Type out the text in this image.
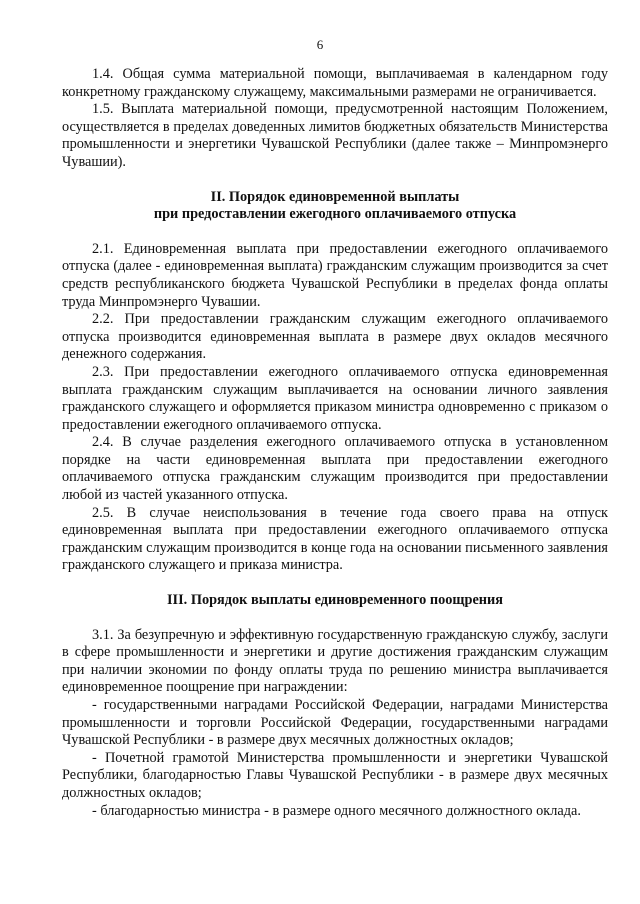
6

1.4. Общая сумма материальной помощи, выплачиваемая в календарном году конкретному гражданскому служащему, максимальными размерами не ограничивается.

1.5. Выплата материальной помощи, предусмотренной настоящим Положением, осуществляется в пределах доведенных лимитов бюджетных обязательств Министерства промышленности и энергетики Чувашской Республики (далее также – Минпромэнерго Чувашии).

II. Порядок единовременной выплаты
при предоставлении ежегодного оплачиваемого отпуска

2.1. Единовременная выплата при предоставлении ежегодного оплачиваемого отпуска (далее - единовременная выплата) гражданским служащим производится за счет средств республиканского бюджета Чувашской Республики в пределах фонда оплаты труда Минпромэнерго Чувашии.

2.2. При предоставлении гражданским служащим ежегодного оплачиваемого отпуска производится единовременная выплата в размере двух окладов месячного денежного содержания.

2.3. При предоставлении ежегодного оплачиваемого отпуска единовременная выплата гражданским служащим выплачивается на основании личного заявления гражданского служащего и оформляется приказом министра одновременно с приказом о предоставлении ежегодного оплачиваемого отпуска.

2.4. В случае разделения ежегодного оплачиваемого отпуска в установленном порядке на части единовременная выплата при предоставлении ежегодного оплачиваемого отпуска гражданским служащим производится при предоставлении любой из частей указанного отпуска.

2.5. В случае неиспользования в течение года своего права на отпуск единовременная выплата при предоставлении ежегодного оплачиваемого отпуска гражданским служащим производится в конце года на основании письменного заявления гражданского служащего и приказа министра.

III. Порядок выплаты единовременного поощрения

3.1. За безупречную и эффективную государственную гражданскую службу, заслуги в сфере промышленности и энергетики и другие достижения гражданским служащим при наличии экономии по фонду оплаты труда по решению министра выплачивается единовременное поощрение при награждении:

- государственными наградами Российской Федерации, наградами Министерства промышленности и торговли Российской Федерации, государственными наградами Чувашской Республики - в размере двух месячных должностных окладов;

- Почетной грамотой Министерства промышленности и энергетики Чувашской Республики, благодарностью Главы Чувашской Республики - в размере двух месячных должностных окладов;

- благодарностью министра - в размере одного месячного должностного оклада.
